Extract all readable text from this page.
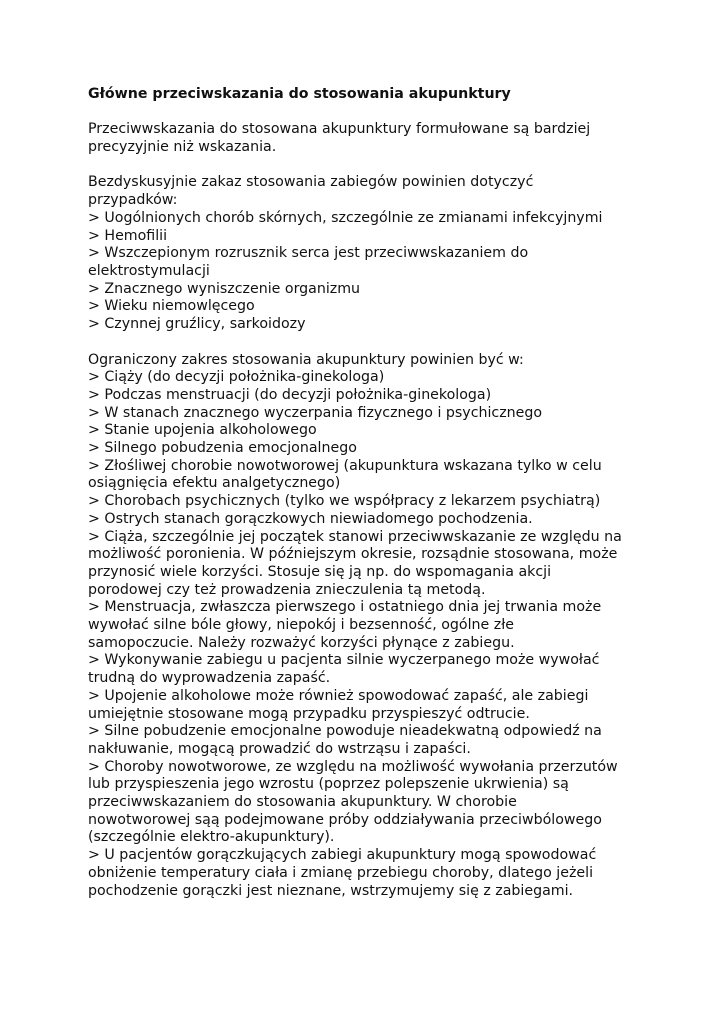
Główne przeciwskazania do stosowania akupunktury
Przeciwwskazania do stosowana akupunktury formułowane są bardziej
precyzyjnie niż wskazania.
Bezdyskusyjnie zakaz stosowania zabiegów powinien dotyczyć
przypadków:
> Uogólnionych chorób skórnych, szczególnie ze zmianami infekcyjnymi
> Hemofilii
> Wszczepionym rozrusznik serca jest przeciwwskazaniem do
elektrostymulacji
> Znacznego wyniszczenie organizmu
> Wieku niemowlęcego
> Czynnej gruźlicy, sarkoidozy
Ograniczony zakres stosowania akupunktury powinien być w:
> Ciąży (do decyzji położnika-ginekologa)
> Podczas menstruacji (do decyzji położnika-ginekologa)
> W stanach znacznego wyczerpania fizycznego i psychicznego
> Stanie upojenia alkoholowego
> Silnego pobudzenia emocjonalnego
> Złośliwej chorobie nowotworowej (akupunktura wskazana tylko w celu
osiągnięcia efektu analgetycznego)
> Chorobach psychicznych (tylko we współpracy z lekarzem psychiatrą)
> Ostrych stanach gorączkowych niewiadomego pochodzenia.
> Ciąża, szczególnie jej początek stanowi przeciwwskazanie ze względu na
możliwość poronienia. W późniejszym okresie, rozsądnie stosowana, może
przynosić wiele korzyści. Stosuje się ją np. do wspomagania akcji
porodowej czy też prowadzenia znieczulenia tą metodą.
> Menstruacja, zwłaszcza pierwszego i ostatniego dnia jej trwania może
wywołać silne bóle głowy, niepokój i bezsenność, ogólne złe
samopoczucie. Należy rozważyć korzyści płynące z zabiegu.
> Wykonywanie zabiegu u pacjenta silnie wyczerpanego może wywołać
trudną do wyprowadzenia zapaść.
> Upojenie alkoholowe może również spowodować zapaść, ale zabiegi
umiejętnie stosowane mogą przypadku przyspieszyć odtrucie.
> Silne pobudzenie emocjonalne powoduje nieadekwatną odpowiedź na
nakłuwanie, mogącą prowadzić do wstrząsu i zapaści.
> Choroby nowotworowe, ze względu na możliwość wywołania przerzutów
lub przyspieszenia jego wzrostu (poprzez polepszenie ukrwienia) są
przeciwwskazaniem do stosowania akupunktury. W chorobie
nowotworowej sąą podejmowane próby oddziaływania przeciwbólowego
(szczególnie elektro-akupunktury).
> U pacjentów gorączkujących zabiegi akupunktury mogą spowodować
obniżenie temperatury ciała i zmianę przebiegu choroby, dlatego jeżeli
pochodzenie gorączki jest nieznane, wstrzymujemy się z zabiegami.
